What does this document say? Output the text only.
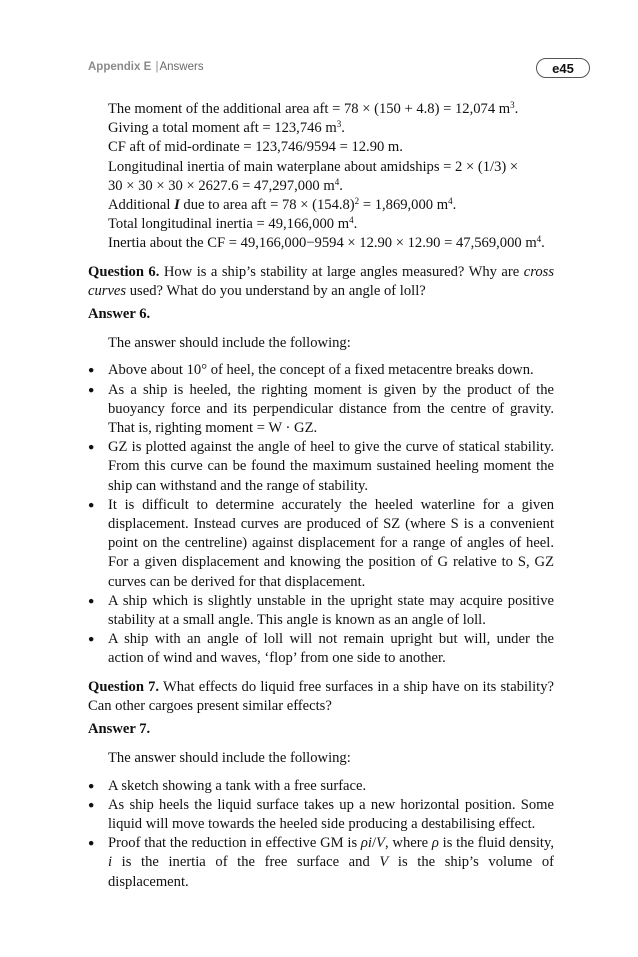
Appendix E |Answers	e45

The moment of the additional area aft = 78 × (150 + 4.8) = 12,074 $m^3$.

Giving a total moment aft = 123,746 $m^3$.

CF aft of mid-ordinate = 123,746/9594 = 12.90 m.

Longitudinal inertia of main waterplane about amidships = 2 × (1/3) ×

30 × 30 × 30 × 2627.6 = 47,297,000 $m^4$.

Additional I due to area aft = $78 \times (154.8)^2 = 1,869,000$ $m^4$.

Total longitudinal inertia = 49,166,000 $m^4$.

Inertia about the CF = 49,166,000−9594 × 12.90 × 12.90 = 47,569,000 $m^4$.

Question 6. How is a ship’s stability at large angles measured? Why are cross curves used? What do you understand by an angle of loll?

Answer 6.

The answer should include the following:

● Above about 10° of heel, the concept of a fixed metacentre breaks down.
● As a ship is heeled, the righting moment is given by the product of the buoyancy force and its perpendicular distance from the centre of gravity. That is, righting moment = W · GZ.
● GZ is plotted against the angle of heel to give the curve of statical stability. From this curve can be found the maximum sustained heeling moment the ship can withstand and the range of stability.
● It is difficult to determine accurately the heeled waterline for a given displacement. Instead curves are produced of SZ (where S is a convenient point on the centreline) against displacement for a range of angles of heel. For a given displacement and knowing the position of G relative to S, GZ curves can be derived for that displacement.
● A ship which is slightly unstable in the upright state may acquire positive stability at a small angle. This angle is known as an angle of loll.
● A ship with an angle of loll will not remain upright but will, under the action of wind and waves, ‘flop’ from one side to another.

Question 7. What effects do liquid free surfaces in a ship have on its stability? Can other cargoes present similar effects?

Answer 7.

The answer should include the following:

● A sketch showing a tank with a free surface.
● As ship heels the liquid surface takes up a new horizontal position. Some liquid will move towards the heeled side producing a destabilising effect.
● Proof that the reduction in effective GM is ρi/V, where ρ is the fluid density, i is the inertia of the free surface and V is the ship’s volume of displacement.
